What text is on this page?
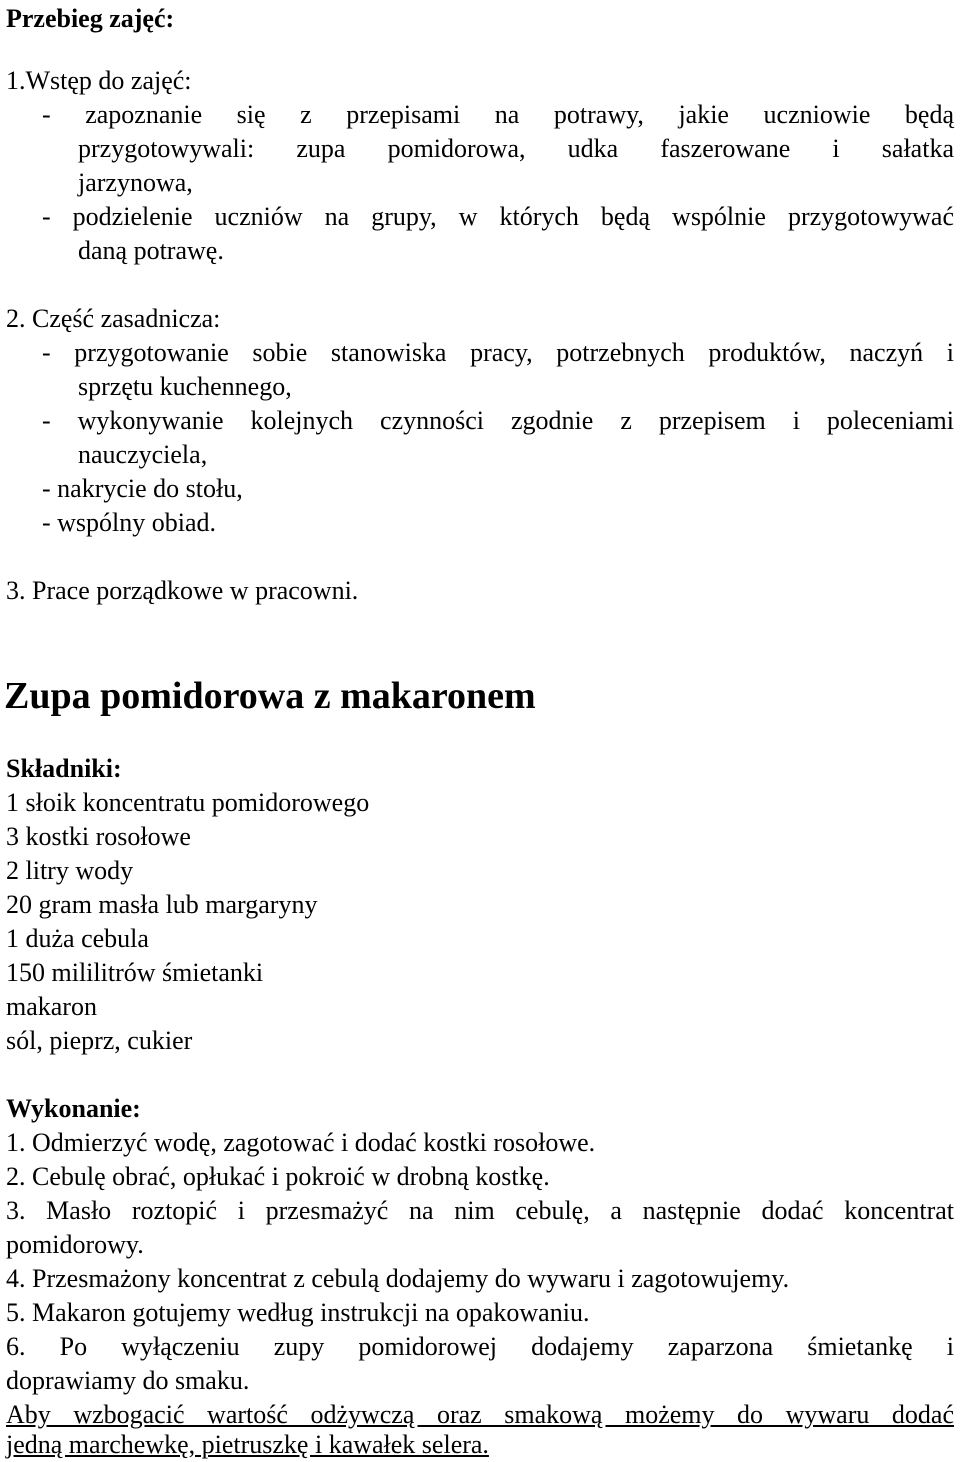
Przebieg zajęć:
1.Wstęp do zajęć:
- zapoznanie się z przepisami na potrawy, jakie uczniowie będą
przygotowywali: zupa pomidorowa, udka faszerowane i sałatka
jarzynowa,
- podzielenie uczniów na grupy, w których będą wspólnie przygotowywać
daną potrawę.
2. Część zasadnicza:
- przygotowanie sobie stanowiska pracy, potrzebnych produktów, naczyń i
sprzętu kuchennego,
- wykonywanie kolejnych czynności zgodnie z przepisem i poleceniami
nauczyciela,
- nakrycie do stołu,
- wspólny obiad.
3. Prace porządkowe w pracowni.
Zupa pomidorowa z makaronem
Składniki:
1 słoik koncentratu pomidorowego
3 kostki rosołowe
2 litry wody
20 gram masła lub margaryny
1 duża cebula
150 mililitrów śmietanki
makaron
sól, pieprz, cukier
Wykonanie:
1. Odmierzyć wodę, zagotować i dodać kostki rosołowe.
2. Cebulę obrać, opłukać i pokroić w drobną kostkę.
3. Masło roztopić i przesmażyć na nim cebulę, a następnie dodać koncentrat
pomidorowy.
4. Przesmażony koncentrat z cebulą dodajemy do wywaru i zagotowujemy.
5. Makaron gotujemy według instrukcji na opakowaniu.
6. Po wyłączeniu zupy pomidorowej dodajemy zaparzona śmietankę i
doprawiamy do smaku.
Aby wzbogacić wartość odżywczą oraz smakową możemy do wywaru dodać
jedną marchewkę, pietruszkę i kawałek selera.
